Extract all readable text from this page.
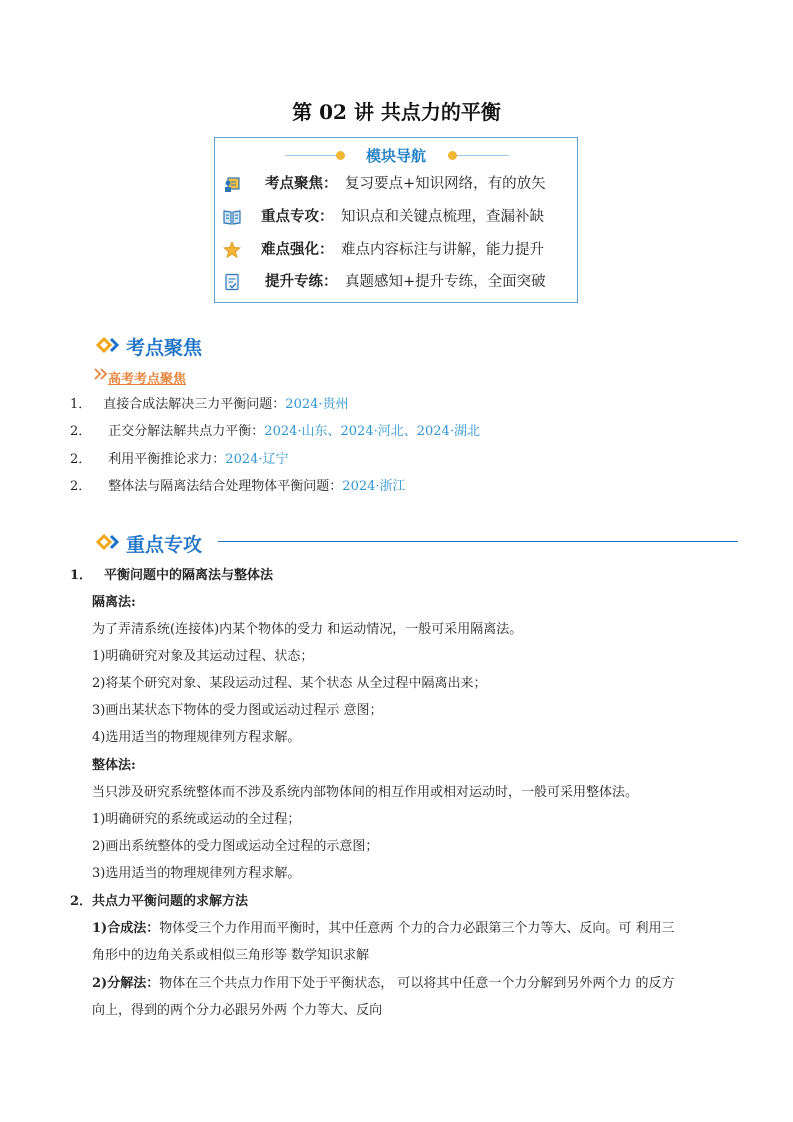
第 02 讲 共点力的平衡
模块导航
考点聚焦： 复习要点+知识网络，有的放矢
重点专攻： 知识点和关键点梳理，查漏补缺
难点强化： 难点内容标注与讲解，能力提升
提升专练： 真题感知+提升专练，全面突破
考点聚焦
高考考点聚焦
1． 直接合成法解决三力平衡问题：2024·贵州
2． 正交分解法解共点力平衡：2024·山东、2024·河北、2024·湖北
2． 利用平衡推论求力：2024·辽宁
2． 整体法与隔离法结合处理物体平衡问题：2024·浙江
重点专攻
1． 平衡问题中的隔离法与整体法
隔离法:
为了弄清系统(连接体)内某个物体的受力 和运动情况，一般可采用隔离法。
1)明确研究对象及其运动过程、状态；
2)将某个研究对象、某段运动过程、某个状态 从全过程中隔离出来；
3)画出某状态下物体的受力图或运动过程示 意图；
4)选用适当的物理规律列方程求解。
整体法:
当只涉及研究系统整体而不涉及系统内部物体间的相互作用或相对运动时，一般可采用整体法。
1)明确研究的系统或运动的全过程；
2)画出系统整体的受力图或运动全过程的示意图；
3)选用适当的物理规律列方程求解。
2．共点力平衡问题的求解方法
1)合成法：物体受三个力作用而平衡时，其中任意两 个力的合力必跟第三个力等大、反向。可 利用三
角形中的边角关系或相似三角形等 数学知识求解
2)分解法：物体在三个共点力作用下处于平衡状态， 可以将其中任意一个力分解到另外两个力 的反方
向上，得到的两个分力必跟另外两 个力等大、反向
